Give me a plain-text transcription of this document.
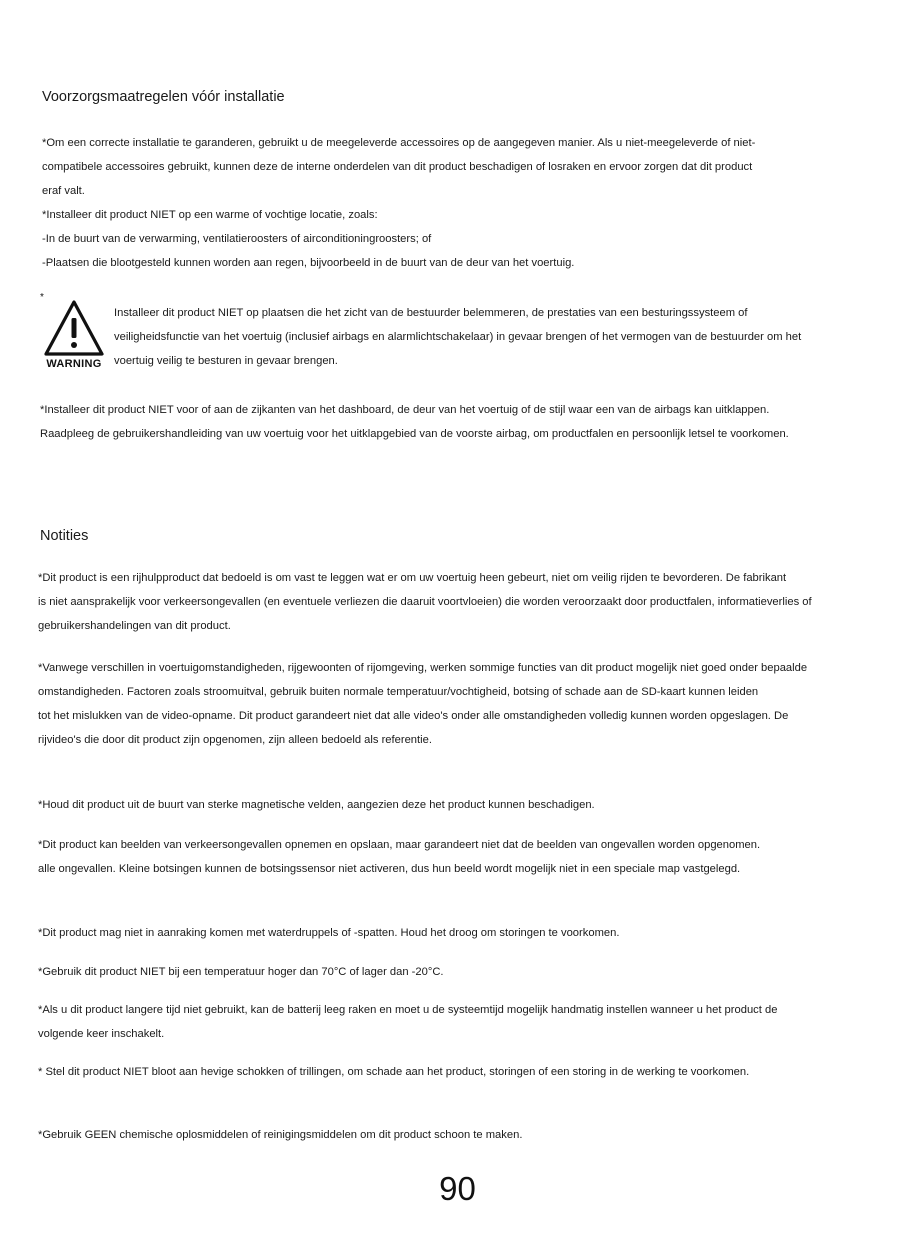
Voorzorgsmaatregelen vóór installatie
*Om een correcte installatie te garanderen, gebruikt u de meegeleverde accessoires op de aangegeven manier. Als u niet-meegeleverde of niet-
compatibele accessoires gebruikt, kunnen deze de interne onderdelen van dit product beschadigen of losraken en ervoor zorgen dat dit product
eraf valt.
*Installeer dit product NIET op een warme of vochtige locatie, zoals:
-In de buurt van de verwarming, ventilatieroosters of airconditioningroosters; of
-Plaatsen die blootgesteld kunnen worden aan regen, bijvoorbeeld in de buurt van de deur van het voertuig.
*
WARNING
Installeer dit product NIET op plaatsen die het zicht van de bestuurder belemmeren, de prestaties van een besturingssysteem of
veiligheidsfunctie van het voertuig (inclusief airbags en alarmlichtschakelaar) in gevaar brengen of het vermogen van de bestuurder om het
voertuig veilig te besturen in gevaar brengen.
*Installeer dit product NIET voor of aan de zijkanten van het dashboard, de deur van het voertuig of de stijl waar een van de airbags kan uitklappen.
Raadpleeg de gebruikershandleiding van uw voertuig voor het uitklapgebied van de voorste airbag, om productfalen en persoonlijk letsel te voorkomen.
Notities
*Dit product is een rijhulpproduct dat bedoeld is om vast te leggen wat er om uw voertuig heen gebeurt, niet om veilig rijden te bevorderen. De fabrikant
is niet aansprakelijk voor verkeersongevallen (en eventuele verliezen die daaruit voortvloeien) die worden veroorzaakt door productfalen, informatieverlies of
gebruikershandelingen van dit product.
*Vanwege verschillen in voertuigomstandigheden, rijgewoonten of rijomgeving, werken sommige functies van dit product mogelijk niet goed onder bepaalde
omstandigheden. Factoren zoals stroomuitval, gebruik buiten normale temperatuur/vochtigheid, botsing of schade aan de SD-kaart kunnen leiden
tot het mislukken van de video-opname. Dit product garandeert niet dat alle video's onder alle omstandigheden volledig kunnen worden opgeslagen. De
rijvideo's die door dit product zijn opgenomen, zijn alleen bedoeld als referentie.
*Houd dit product uit de buurt van sterke magnetische velden, aangezien deze het product kunnen beschadigen.
*Dit product kan beelden van verkeersongevallen opnemen en opslaan, maar garandeert niet dat de beelden van ongevallen worden opgenomen.
alle ongevallen. Kleine botsingen kunnen de botsingssensor niet activeren, dus hun beeld wordt mogelijk niet in een speciale map vastgelegd.
*Dit product mag niet in aanraking komen met waterdruppels of -spatten. Houd het droog om storingen te voorkomen.
*Gebruik dit product NIET bij een temperatuur hoger dan 70°C of lager dan -20°C.
*Als u dit product langere tijd niet gebruikt, kan de batterij leeg raken en moet u de systeemtijd mogelijk handmatig instellen wanneer u het product de
volgende keer inschakelt.
* Stel dit product NIET bloot aan hevige schokken of trillingen, om schade aan het product, storingen of een storing in de werking te voorkomen.
*Gebruik GEEN chemische oplosmiddelen of reinigingsmiddelen om dit product schoon te maken.
90
